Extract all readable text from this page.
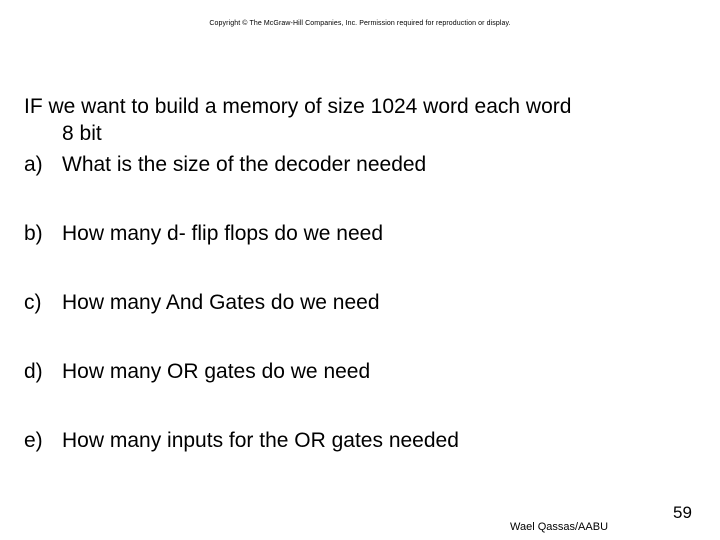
Copyright © The McGraw-Hill Companies, Inc. Permission required for reproduction or display.
IF we want to build a memory of size 1024 word each word
8 bit
a) What is the size of the decoder needed
b) How many d- flip flops do we need
c) How many And Gates do we need
d) How many OR gates do we need
e) How many inputs for the OR gates needed
Wael Qassas/AABU
59
